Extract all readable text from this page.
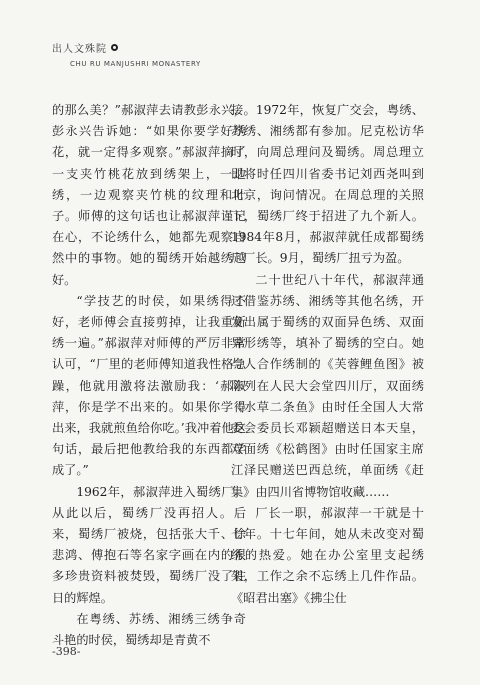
出人文殊院
CHU RU MANJUSHRI MONASTERY

的那么美？”郝淑萍去请教彭永兴，彭永兴告诉她：“如果你要学好绣花，就一定得多观察。”郝淑萍摘了一支夹竹桃花放到绣架上，一边绣，一边观察夹竹桃的纹理和叶子。师傅的这句话也让郝淑萍谨记在心，不论绣什么，她都先观察自然中的事物。她的蜀绣开始越绣越好。

“学技艺的时侯，如果绣得不好，老师傅会直接剪掉，让我重新绣一遍。”郝淑萍对师傅的严厉非常认可，“厂里的老师傅知道我性格急躁，他就用激将法激励我：‘郝淑萍，你是学不出来的。如果你学得出来，我就煎鱼给你吃。’我冲着他这句话，最后把他教给我的东西都学成了。”

1962年，郝淑萍进入蜀绣厂。从此以后，蜀绣厂没再招人。后来，蜀绣厂被烧，包括张大千、徐悲鸿、傅抱石等名家字画在内的很多珍贵资料被焚毁，蜀绣厂没了往日的辉煌。

在粤绣、苏绣、湘绣三绣争奇斗艳的时侯，蜀绣却是青黄不

接。1972年，恢复广交会，粤绣、苏绣、湘绣都有参加。尼克松访华时，向周总理问及蜀绣。周总理立即将时任四川省委书记刘西尧叫到北京，询问情况。在周总理的关照下，蜀绣厂终于招进了九个新人。1984年8月，郝淑萍就任成都蜀绣厂厂长。9月，蜀绣厂扭亏为盈。

二十世纪八十年代，郝淑萍通过借鉴苏绣、湘绣等其他名绣，开发出属于蜀绣的双面异色绣、双面异形绣等，填补了蜀绣的空白。她与人合作绣制的《芙蓉鲤鱼图》被陈列在人民大会堂四川厅，双面绣《水草二条鱼》由时任全国人大常委会委员长邓颖超赠送日本天皇，双面绣《松鹤图》由时任国家主席江泽民赠送巴西总统，单面绣《赶集》由四川省博物馆收藏……

厂长一职，郝淑萍一干就是十七年。十七年间，她从未改变对蜀绣的热爱。她在办公室里支起绣架，工作之余不忘绣上几件作品。《昭君出塞》《拂尘仕

-398-
